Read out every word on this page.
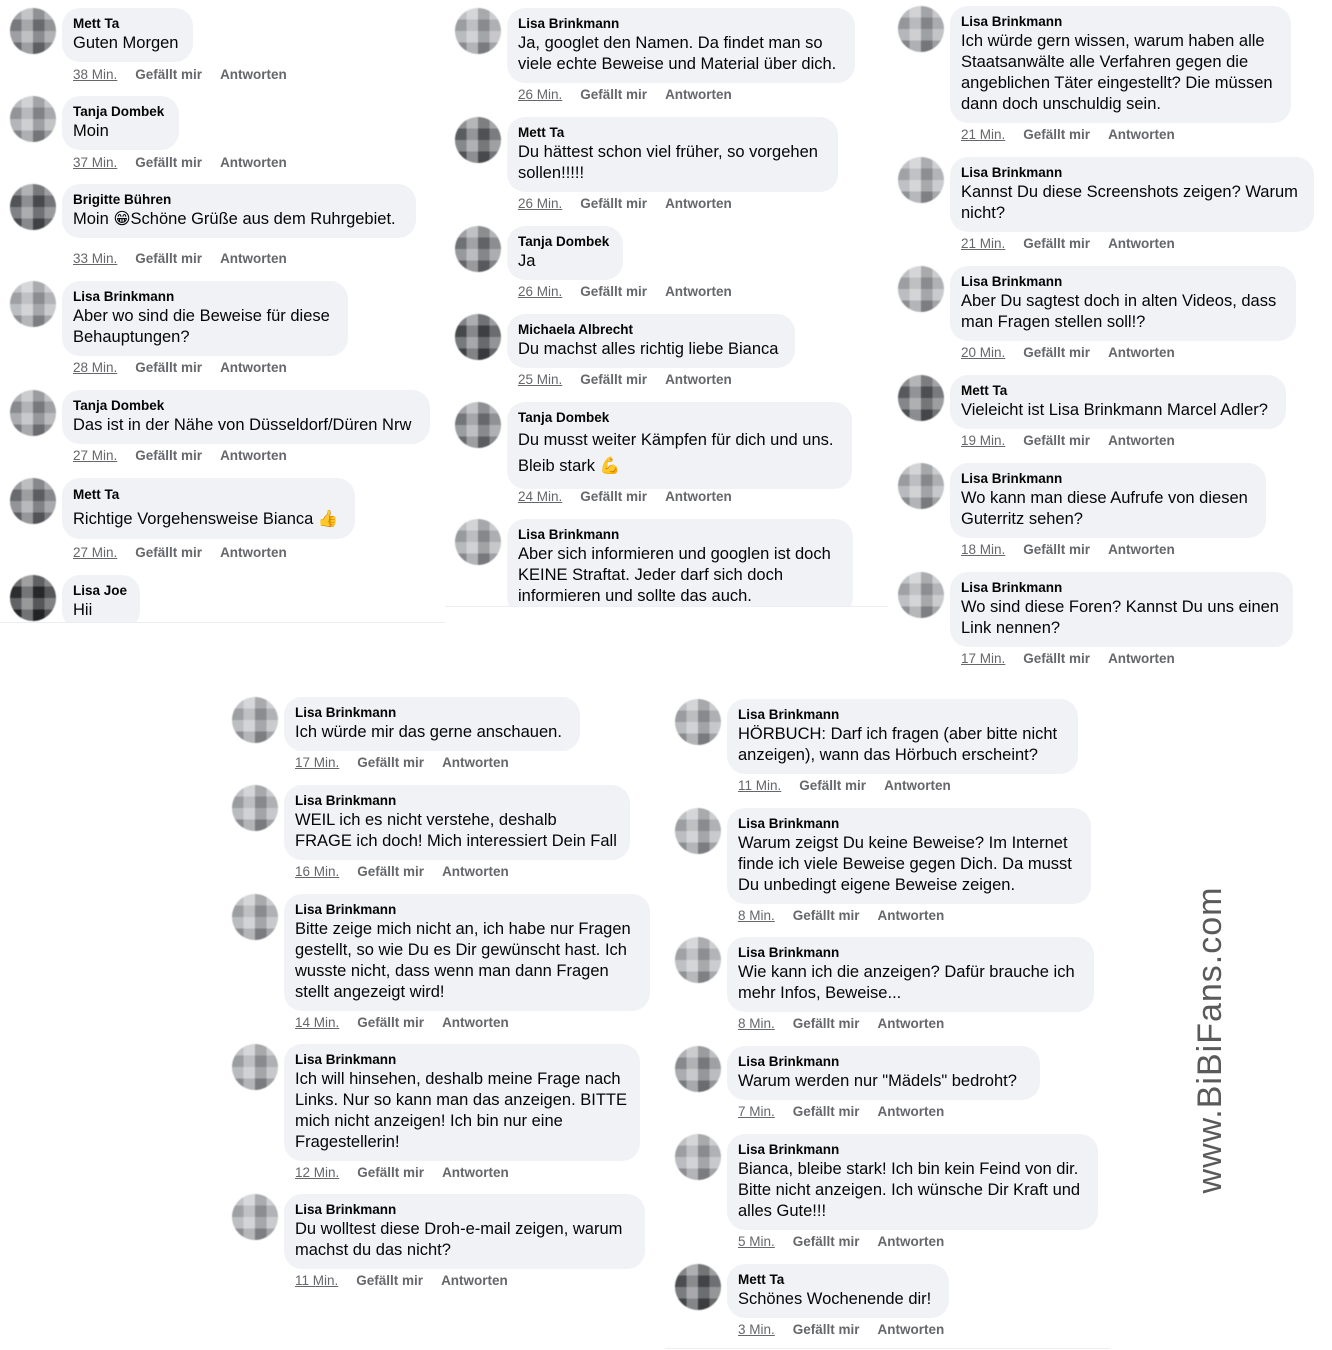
Mett Ta
Guten Morgen
38 Min. Gefällt mir Antworten
Tanja Dombek
Moin
37 Min. Gefällt mir Antworten
Brigitte Bühren
Moin 😁Schöne Grüße aus dem Ruhrgebiet.
33 Min. Gefällt mir Antworten
Lisa Brinkmann
Aber wo sind die Beweise für diese Behauptungen?
28 Min. Gefällt mir Antworten
Tanja Dombek
Das ist in der Nähe von Düsseldorf/Düren Nrw
27 Min. Gefällt mir Antworten
Mett Ta
Richtige Vorgehensweise Bianca 👍
27 Min. Gefällt mir Antworten
Lisa Joe
Hii
Lisa Brinkmann
Ja, googlet den Namen. Da findet man so viele echte Beweise und Material über dich.
26 Min. Gefällt mir Antworten
Mett Ta
Du hättest schon viel früher, so vorgehen sollen!!!!!
26 Min. Gefällt mir Antworten
Tanja Dombek
Ja
26 Min. Gefällt mir Antworten
Michaela Albrecht
Du machst alles richtig liebe Bianca
25 Min. Gefällt mir Antworten
Tanja Dombek
Du musst weiter Kämpfen für dich und uns. Bleib stark 💪
24 Min. Gefällt mir Antworten
Lisa Brinkmann
Aber sich informieren und googlen ist doch KEINE Straftat. Jeder darf sich doch informieren und sollte das auch.
Lisa Brinkmann
Ich würde gern wissen, warum haben alle Staatsanwälte alle Verfahren gegen die angeblichen Täter eingestellt? Die müssen dann doch unschuldig sein.
21 Min. Gefällt mir Antworten
Lisa Brinkmann
Kannst Du diese Screenshots zeigen? Warum nicht?
21 Min. Gefällt mir Antworten
Lisa Brinkmann
Aber Du sagtest doch in alten Videos, dass man Fragen stellen soll!?
20 Min. Gefällt mir Antworten
Mett Ta
Vieleicht ist Lisa Brinkmann Marcel Adler?
19 Min. Gefällt mir Antworten
Lisa Brinkmann
Wo kann man diese Aufrufe von diesen Guterritz sehen?
18 Min. Gefällt mir Antworten
Lisa Brinkmann
Wo sind diese Foren? Kannst Du uns einen Link nennen?
17 Min. Gefällt mir Antworten
Lisa Brinkmann
Ich würde mir das gerne anschauen.
17 Min. Gefällt mir Antworten
Lisa Brinkmann
WEIL ich es nicht verstehe, deshalb FRAGE ich doch! Mich interessiert Dein Fall
16 Min. Gefällt mir Antworten
Lisa Brinkmann
Bitte zeige mich nicht an, ich habe nur Fragen gestellt, so wie Du es Dir gewünscht hast. Ich wusste nicht, dass wenn man dann Fragen stellt angezeigt wird!
14 Min. Gefällt mir Antworten
Lisa Brinkmann
Ich will hinsehen, deshalb meine Frage nach Links. Nur so kann man das anzeigen. BITTE mich nicht anzeigen! Ich bin nur eine Fragestellerin!
12 Min. Gefällt mir Antworten
Lisa Brinkmann
Du wolltest diese Droh-e-mail zeigen, warum machst du das nicht?
11 Min. Gefällt mir Antworten
Lisa Brinkmann
HÖRBUCH: Darf ich fragen (aber bitte nicht anzeigen), wann das Hörbuch erscheint?
11 Min. Gefällt mir Antworten
Lisa Brinkmann
Warum zeigst Du keine Beweise? Im Internet finde ich viele Beweise gegen Dich. Da musst Du unbedingt eigene Beweise zeigen.
8 Min. Gefällt mir Antworten
Lisa Brinkmann
Wie kann ich die anzeigen? Dafür brauche ich mehr Infos, Beweise...
8 Min. Gefällt mir Antworten
Lisa Brinkmann
Warum werden nur "Mädels" bedroht?
7 Min. Gefällt mir Antworten
Lisa Brinkmann
Bianca, bleibe stark! Ich bin kein Feind von dir. Bitte nicht anzeigen. Ich wünsche Dir Kraft und alles Gute!!!
5 Min. Gefällt mir Antworten
Mett Ta
Schönes Wochenende dir!
3 Min. Gefällt mir Antworten
www.BiBiFans.com
